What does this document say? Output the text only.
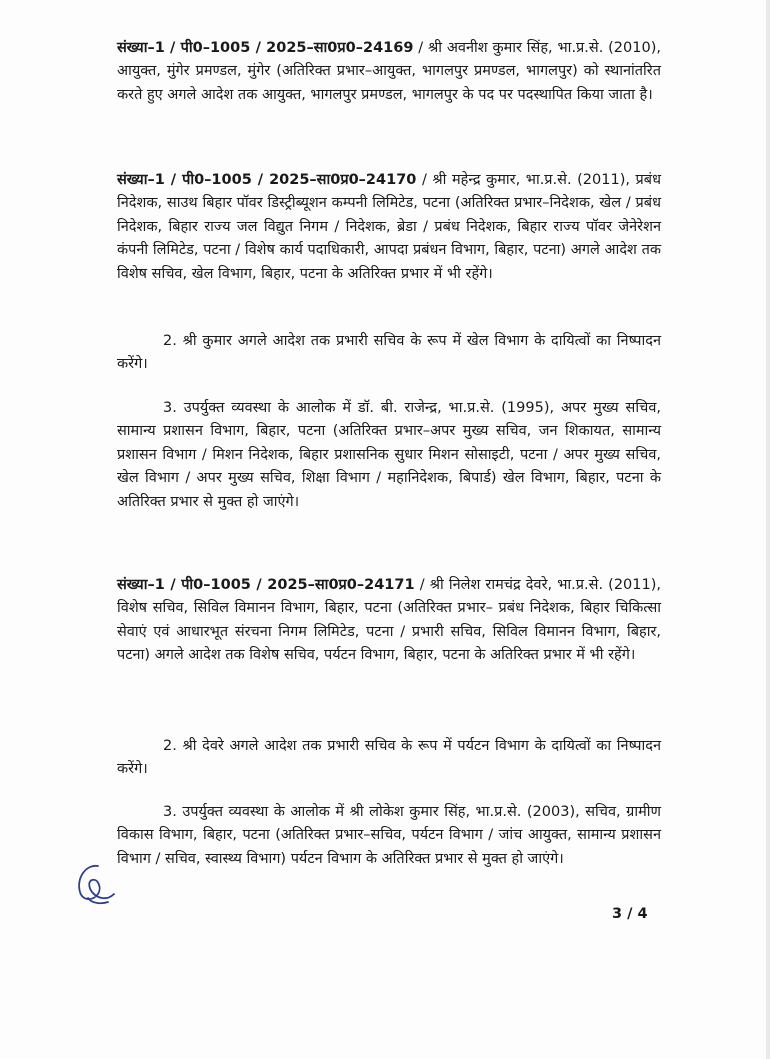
संख्या–1 / पी0–1005 / 2025–सा0प्र0–24169 / श्री अवनीश कुमार सिंह, भा.प्र.से. (2010), आयुक्त, मुंगेर प्रमण्डल, मुंगेर (अतिरिक्त प्रभार–आयुक्त, भागलपुर प्रमण्डल, भागलपुर) को स्थानांतरित करते हुए अगले आदेश तक आयुक्त, भागलपुर प्रमण्डल, भागलपुर के पद पर पदस्थापित किया जाता है।

संख्या–1 / पी0–1005 / 2025–सा0प्र0–24170 / श्री महेन्द्र कुमार, भा.प्र.से. (2011), प्रबंध निदेशक, साउथ बिहार पॉवर डिस्ट्रीब्यूशन कम्पनी लिमिटेड, पटना (अतिरिक्त प्रभार–निदेशक, खेल / प्रबंध निदेशक, बिहार राज्य जल विद्युत निगम / निदेशक, ब्रेडा / प्रबंध निदेशक, बिहार राज्य पॉवर जेनेरेशन कंपनी लिमिटेड, पटना / विशेष कार्य पदाधिकारी, आपदा प्रबंधन विभाग, बिहार, पटना) अगले आदेश तक विशेष सचिव, खेल विभाग, बिहार, पटना के अतिरिक्त प्रभार में भी रहेंगे।

2. श्री कुमार अगले आदेश तक प्रभारी सचिव के रूप में खेल विभाग के दायित्वों का निष्पादन करेंगे।

3. उपर्युक्त व्यवस्था के आलोक में डॉ. बी. राजेन्द्र, भा.प्र.से. (1995), अपर मुख्य सचिव, सामान्य प्रशासन विभाग, बिहार, पटना (अतिरिक्त प्रभार–अपर मुख्य सचिव, जन शिकायत, सामान्य प्रशासन विभाग / मिशन निदेशक, बिहार प्रशासनिक सुधार मिशन सोसाइटी, पटना / अपर मुख्य सचिव, खेल विभाग / अपर मुख्य सचिव, शिक्षा विभाग / महानिदेशक, बिपार्ड) खेल विभाग, बिहार, पटना के अतिरिक्त प्रभार से मुक्त हो जाएंगे।

संख्या–1 / पी0–1005 / 2025–सा0प्र0–24171 / श्री निलेश रामचंद्र देवरे, भा.प्र.से. (2011), विशेष सचिव, सिविल विमानन विभाग, बिहार, पटना (अतिरिक्त प्रभार– प्रबंध निदेशक, बिहार चिकित्सा सेवाएं एवं आधारभूत संरचना निगम लिमिटेड, पटना / प्रभारी सचिव, सिविल विमानन विभाग, बिहार, पटना) अगले आदेश तक विशेष सचिव, पर्यटन विभाग, बिहार, पटना के अतिरिक्त प्रभार में भी रहेंगे।

2. श्री देवरे अगले आदेश तक प्रभारी सचिव के रूप में पर्यटन विभाग के दायित्वों का निष्पादन करेंगे।

3. उपर्युक्त व्यवस्था के आलोक में श्री लोकेश कुमार सिंह, भा.प्र.से. (2003), सचिव, ग्रामीण विकास विभाग, बिहार, पटना (अतिरिक्त प्रभार–सचिव, पर्यटन विभाग / जांच आयुक्त, सामान्य प्रशासन विभाग / सचिव, स्वास्थ्य विभाग) पर्यटन विभाग के अतिरिक्त प्रभार से मुक्त हो जाएंगे।

3 / 4
